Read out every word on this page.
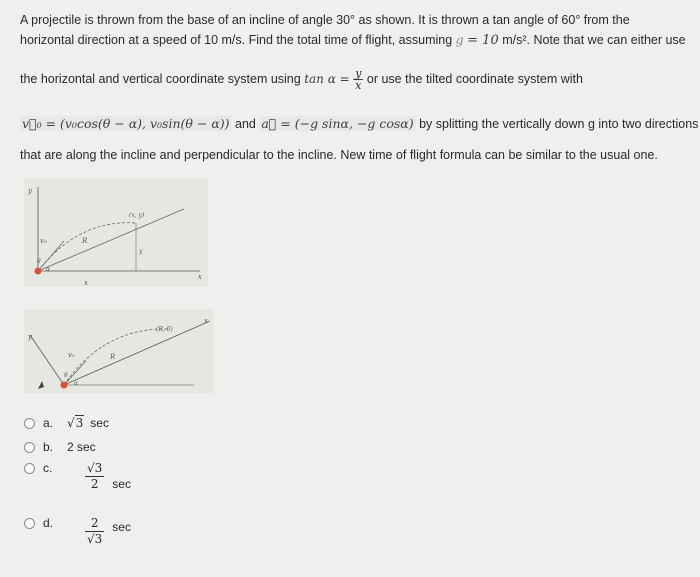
A projectile is thrown from the base of an incline of angle 30° as shown. It is thrown a tan angle of 60° from the
horizontal direction at a speed of 10 m/s. Find the total time of flight, assuming g = 10 m/s². Note that we can either use
the horizontal and vertical coordinate system using $\tan \alpha = \frac{y}{x}$ or use the tilted coordinate system with
v⃗₀ = (v₀cos(θ − α), v₀sin(θ − α)) and a⃗ = (−g sinα, −g cosα) by splitting the vertically down g into two directions
that are along the incline and perpendicular to the incline. New time of flight formula can be similar to the usual one.
y
x
x
(x, y)
v₀	R
y
θ
α
y
x
(R, 0)
v₀	R
θ
α
a.	√3 sec
b.	2 sec
c.	$\frac{√3}{2}$ sec
d.	$\frac{2}{√3}$ sec
